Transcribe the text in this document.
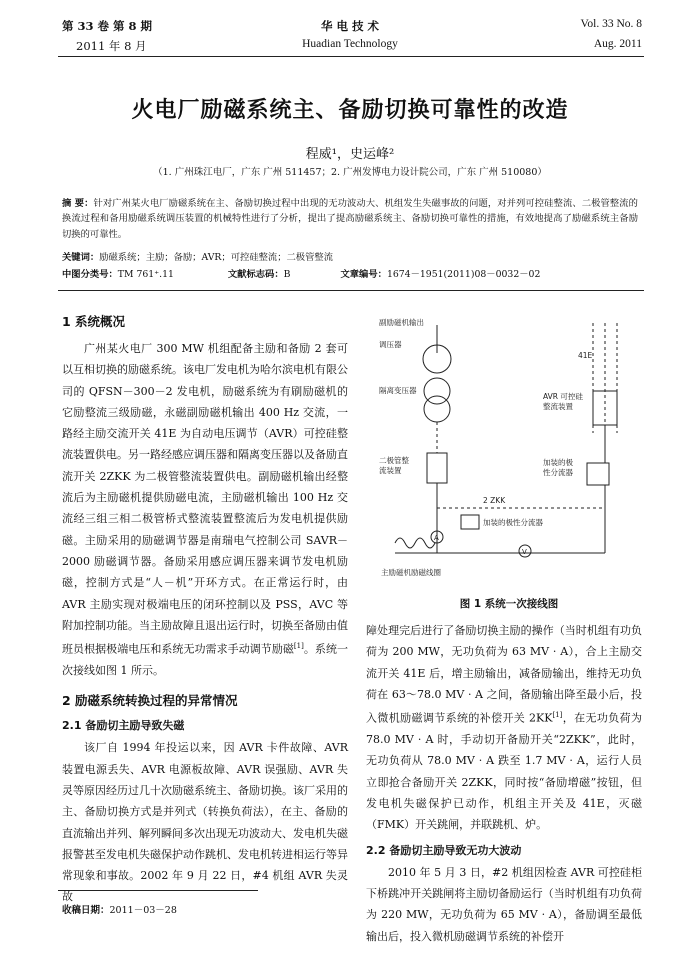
第 33 卷 第 8 期
2011 年 8 月
华 电 技 术
Huadian Technology
Vol. 33 No. 8
Aug. 2011
火电厂励磁系统主、备励切换可靠性的改造
程威¹，史运峰²
（1. 广州珠江电厂，广东 广州 511457；2. 广州发博电力设计院公司，广东 广州 510080）
摘 要：针对广州某火电厂励磁系统在主、备励切换过程中出现的无功波动大、机组发生失磁事故的问题，对并列可控硅整流、二极管整流的换流过程和备用励磁系统调压装置的机械特性进行了分析，提出了提高励磁系统主、备励切换可靠性的措施，有效地提高了励磁系统主备励切换的可靠性。
关键词：励磁系统；主励；备励；AVR；可控硅整流；二极管整流
中图分类号：TM 761⁺.11	文献标志码：B	文章编号：1674－1951(2011)08－0032－02
1 系统概况

广州某火电厂 300 MW 机组配备主励和备励 2 套可以互相切换的励磁系统。该电厂发电机为哈尔滨电机有限公司的 QFSN－300－2 发电机，励磁系统为有刷励磁机的它励整流三级励磁，永磁副励磁机输出 400 Hz 交流，一路经主励交流开关 41E 为自动电压调节（AVR）可控硅整流装置供电。另一路经感应调压器和隔离变压器以及备励直流开关 2ZKK 为二极管整流装置供电。副励磁机输出经整流后为主励磁机提供励磁电流，主励磁机输出 100 Hz 交流经三组三相二极管桥式整流装置整流后为发电机提供励磁。主励采用的励磁调节器是南瑞电气控制公司 SAVR－2000 励磁调节器。备励采用感应调压器来调节发电机励磁，控制方式是“人－机”开环方式。在正常运行时，由 AVR 主励实现对极端电压的闭环控制以及 PSS，AVC 等附加控制功能。当主励故障且退出运行时，切换至备励由值班员根据极端电压和系统无功需求手动调节励磁[1]。系统一次接线如图 1 所示。

2 励磁系统转换过程的异常情况
2.1 备励切主励导致失磁

该厂自 1994 年投运以来，因 AVR 卡件故障、AVR 装置电源丢失、AVR 电源板故障、AVR 误强励、AVR 失灵等原因经历过几十次励磁系统主、备励切换。该厂采用的主、备励切换方式是并列式（转换负荷法），在主、备励的直流输出并列、解列瞬间多次出现无功波动大、发电机失磁报警甚至发电机失磁保护动作跳机、发电机转进相运行等异常现象和事故。2002 年 9 月 22 日，#4 机组 AVR 失灵故

副励磁机输出
调压器
41E
隔离变压器
AVR 可控硅
整流装置
二极管整
流装置
加装的极
性分流器
2 ZKK
加装的极性分流器
主励磁机励磁线圈
A
V
图 1 系统一次接线图

障处理完后进行了备励切换主励的操作（当时机组有功负荷为 200 MW，无功负荷为 63 MV · A），合上主励交流开关 41E 后，增主励输出，减备励输出，维持无功负荷在 63～78.0 MV · A 之间，备励输出降至最小后，投入微机励磁调节系统的补偿开关 2KK[1]，在无功负荷为 78.0 MV · A 时，手动切开备励开关“2ZKK”，此时，无功负荷从 78.0 MV · A 跌至 1.7 MV · A，运行人员立即抢合备励开关 2ZKK，同时按“备励增磁”按钮，但发电机失磁保护已动作，机组主开关及 41E，灭磁（FMK）开关跳闸，并联跳机、炉。

2.2 备励切主励导致无功大波动

2010 年 5 月 3 日，#2 机组因检查 AVR 可控硅柜下桥跳冲开关跳闸将主励切备励运行（当时机组有功负荷为 220 MW，无功负荷为 65 MV · A），备励调至最低输出后，投入微机励磁调节系统的补偿开

收稿日期：2011－03－28
